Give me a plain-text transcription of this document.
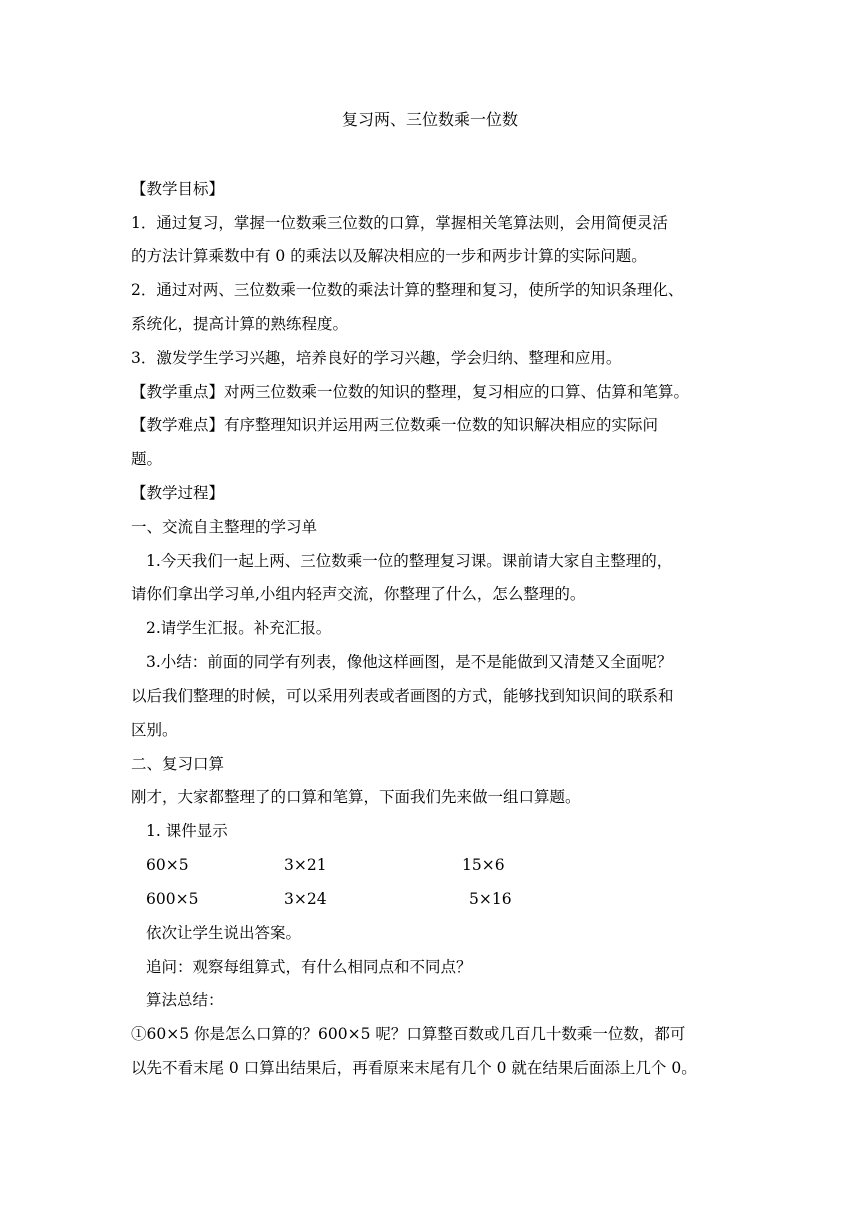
复习两、三位数乘一位数
【教学目标】
1．通过复习，掌握一位数乘三位数的口算，掌握相关笔算法则，会用简便灵活
的方法计算乘数中有 0 的乘法以及解决相应的一步和两步计算的实际问题。
2．通过对两、三位数乘一位数的乘法计算的整理和复习，使所学的知识条理化、
系统化，提高计算的熟练程度。
3．激发学生学习兴趣，培养良好的学习兴趣，学会归纳、整理和应用。
【教学重点】对两三位数乘一位数的知识的整理，复习相应的口算、估算和笔算。
【教学难点】有序整理知识并运用两三位数乘一位数的知识解决相应的实际问
题。
【教学过程】
一、交流自主整理的学习单
1.今天我们一起上两、三位数乘一位的整理复习课。课前请大家自主整理的，
请你们拿出学习单,小组内轻声交流，你整理了什么，怎么整理的。
2.请学生汇报。补充汇报。
3.小结：前面的同学有列表，像他这样画图，是不是能做到又清楚又全面呢？
以后我们整理的时候，可以采用列表或者画图的方式，能够找到知识间的联系和
区别。
二、复习口算
刚才，大家都整理了的口算和笔算，下面我们先来做一组口算题。
1. 课件显示
60×5	3×21	15×6
600×5	3×24	5×16
依次让学生说出答案。
追问：观察每组算式，有什么相同点和不同点？
算法总结：
①60×5 你是怎么口算的？600×5 呢？口算整百数或几百几十数乘一位数，都可
以先不看末尾 0 口算出结果后，再看原来末尾有几个 0 就在结果后面添上几个 0。
